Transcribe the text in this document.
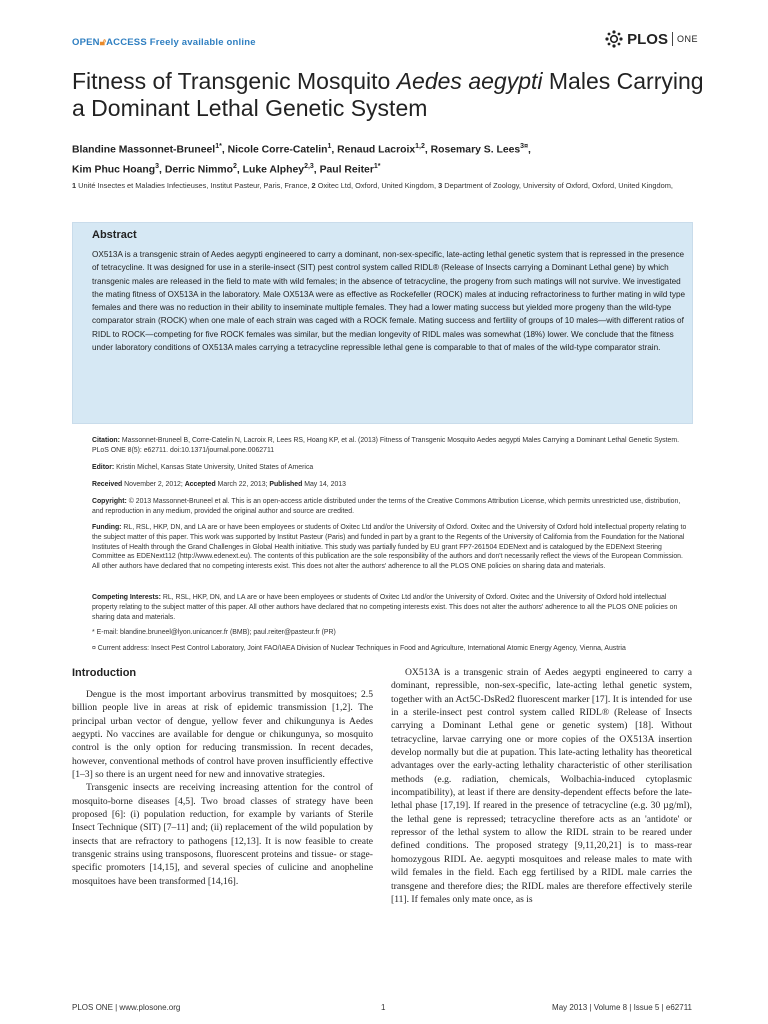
OPEN🔓︎ACCESS Freely available online	PLOS ONE
Fitness of Transgenic Mosquito Aedes aegypti Males Carrying a Dominant Lethal Genetic System
Blandine Massonnet-Bruneel$^{1*}$, Nicole Corre-Catelin$^1$, Renaud Lacroix$^{1,2}$, Rosemary S. Lees$^{3¤}$,
Kim Phuc Hoang$^3$, Derric Nimmo$^2$, Luke Alphey$^{2,3}$, Paul Reiter$^{1*}$
1 Unité Insectes et Maladies Infectieuses, Institut Pasteur, Paris, France, 2 Oxitec Ltd, Oxford, United Kingdom, 3 Department of Zoology, University of Oxford, Oxford, United Kingdom,
Abstract
OX513A is a transgenic strain of Aedes aegypti engineered to carry a dominant, non-sex-specific, late-acting lethal genetic system that is repressed in the presence of tetracycline. It was designed for use in a sterile-insect (SIT) pest control system called RIDL® (Release of Insects carrying a Dominant Lethal gene) by which transgenic males are released in the field to mate with wild females; in the absence of tetracycline, the progeny from such matings will not survive. We investigated the mating fitness of OX513A in the laboratory. Male OX513A were as effective as Rockefeller (ROCK) males at inducing refractoriness to further mating in wild type females and there was no reduction in their ability to inseminate multiple females. They had a lower mating success but yielded more progeny than the wild-type comparator strain (ROCK) when one male of each strain was caged with a ROCK female. Mating success and fertility of groups of 10 males—with different ratios of RIDL to ROCK—competing for five ROCK females was similar, but the median longevity of RIDL males was somewhat (18%) lower. We conclude that the fitness under laboratory conditions of OX513A males carrying a tetracycline repressible lethal gene is comparable to that of males of the wild-type comparator strain.
Citation: Massonnet-Bruneel B, Corre-Catelin N, Lacroix R, Lees RS, Hoang KP, et al. (2013) Fitness of Transgenic Mosquito Aedes aegypti Males Carrying a Dominant Lethal Genetic System. PLoS ONE 8(5): e62711. doi:10.1371/journal.pone.0062711
Editor: Kristin Michel, Kansas State University, United States of America
Received November 2, 2012; Accepted March 22, 2013; Published May 14, 2013
Copyright: © 2013 Massonnet-Bruneel et al. This is an open-access article distributed under the terms of the Creative Commons Attribution License, which permits unrestricted use, distribution, and reproduction in any medium, provided the original author and source are credited.
Funding: RL, RSL, HKP, DN, and LA are or have been employees or students of Oxitec Ltd and/or the University of Oxford. Oxitec and the University of Oxford hold intellectual property relating to the subject matter of this paper. This work was supported by Institut Pasteur (Paris) and funded in part by a grant to the Regents of the University of California from the Foundation for the National Institutes of Health through the Grand Challenges in Global Health initiative. This study was partially funded by EU grant FP7-261504 EDENext and is catalogued by the EDENext Steering Committee as EDENext112 (http://www.edenext.eu). The contents of this publication are the sole responsibility of the authors and don't necessarily reflect the views of the European Commission. All other authors have declared that no competing interests exist. This does not alter the authors' adherence to all the PLOS ONE policies on sharing data and materials.
Competing Interests: RL, RSL, HKP, DN, and LA are or have been employees or students of Oxitec Ltd and/or the University of Oxford. Oxitec and the University of Oxford hold intellectual property relating to the subject matter of this paper. All other authors have declared that no competing interests exist. This does not alter the authors' adherence to all the PLOS ONE policies on sharing data and materials.
* E-mail: blandine.bruneel@lyon.unicancer.fr (BMB); paul.reiter@pasteur.fr (PR)
¤ Current address: Insect Pest Control Laboratory, Joint FAO/IAEA Division of Nuclear Techniques in Food and Agriculture, International Atomic Energy Agency, Vienna, Austria
Introduction

Dengue is the most important arbovirus transmitted by mosquitoes; 2.5 billion people live in areas at risk of epidemic transmission [1,2]. The principal urban vector of dengue, yellow fever and chikungunya is Aedes aegypti. No vaccines are available for dengue or chikungunya, so mosquito control is the only option for reducing transmission. In recent decades, however, conventional methods of control have proven insufficiently effective [1–3] so there is an urgent need for new and innovative strategies.

Transgenic insects are receiving increasing attention for the control of mosquito-borne diseases [4,5]. Two broad classes of strategy have been proposed [6]: (i) population reduction, for example by variants of Sterile Insect Technique (SIT) [7–11] and; (ii) replacement of the wild population by insects that are refractory to pathogens [12,13]. It is now feasible to create transgenic strains using transposons, fluorescent proteins and tissue- or stage-specific promoters [14,15], and several species of culicine and anopheline mosquitoes have been transformed [14,16].

OX513A is a transgenic strain of Aedes aegypti engineered to carry a dominant, repressible, non-sex-specific, late-acting lethal genetic system, together with an Act5C-DsRed2 fluorescent marker [17]. It is intended for use in a sterile-insect pest control system called RIDL® (Release of Insects carrying a Dominant Lethal gene or genetic system) [18]. Without tetracycline, larvae carrying one or more copies of the OX513A insertion develop normally but die at pupation. This late-acting lethality has theoretical advantages over the early-acting lethality characteristic of other sterilisation methods (e.g. radiation, chemicals, Wolbachia-induced cytoplasmic incompatibility), at least if there are density-dependent effects before the late-lethal phase [17,19]. If reared in the presence of tetracycline (e.g. 30 µg/ml), the lethal gene is repressed; tetracycline therefore acts as an 'antidote' or repressor of the lethal system to allow the RIDL strain to be reared under defined conditions. The proposed strategy [9,11,20,21] is to mass-rear homozygous RIDL Ae. aegypti mosquitoes and release males to mate with wild females in the field. Each egg fertilised by a RIDL male carries the transgene and therefore dies; the RIDL males are therefore effectively sterile [11]. If females only mate once, as is

PLOS ONE | www.plosone.org	1	May 2013 | Volume 8 | Issue 5 | e62711
